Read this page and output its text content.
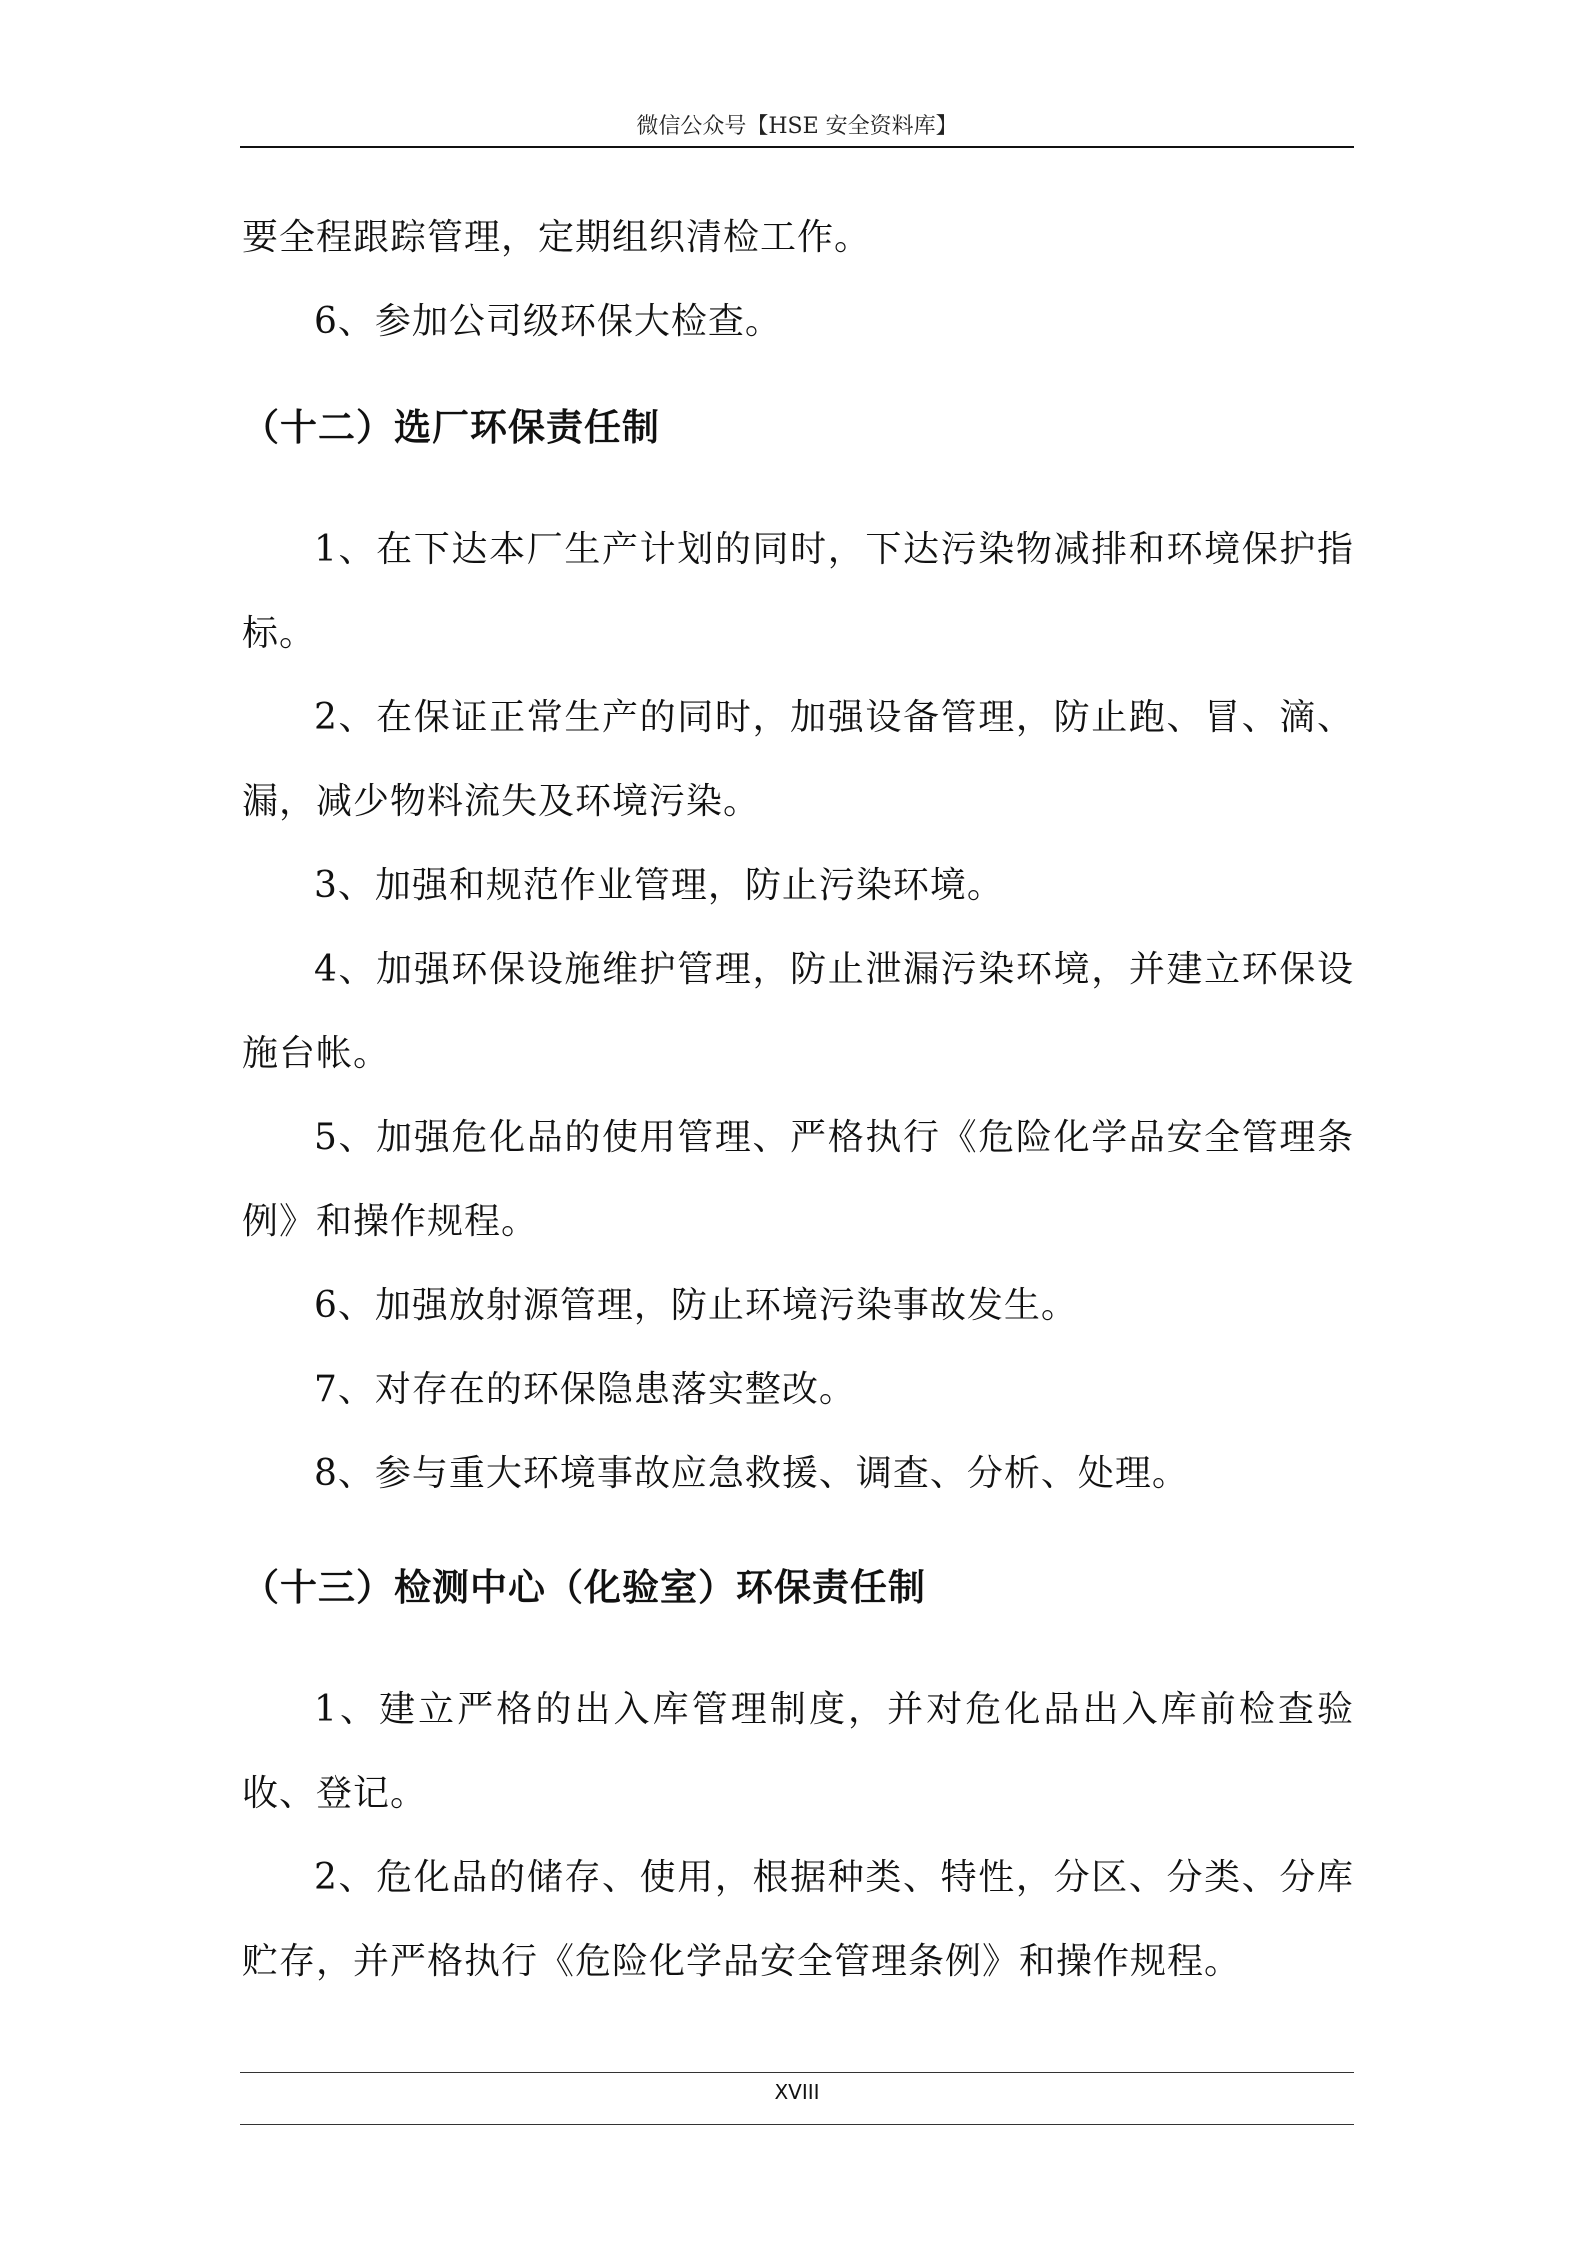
微信公众号【HSE 安全资料库】

要全程跟踪管理，定期组织清检工作。

6、参加公司级环保大检查。

（十二）选厂环保责任制

1、在下达本厂生产计划的同时，下达污染物减排和环境保护指标。

2、在保证正常生产的同时，加强设备管理，防止跑、冒、滴、漏，减少物料流失及环境污染。

3、加强和规范作业管理，防止污染环境。

4、加强环保设施维护管理，防止泄漏污染环境，并建立环保设施台帐。

5、加强危化品的使用管理、严格执行《危险化学品安全管理条例》和操作规程。

6、加强放射源管理，防止环境污染事故发生。

7、对存在的环保隐患落实整改。

8、参与重大环境事故应急救援、调查、分析、处理。

（十三）检测中心（化验室）环保责任制

1、建立严格的出入库管理制度，并对危化品出入库前检查验收、登记。

2、危化品的储存、使用，根据种类、特性，分区、分类、分库贮存，并严格执行《危险化学品安全管理条例》和操作规程。

XVIII
